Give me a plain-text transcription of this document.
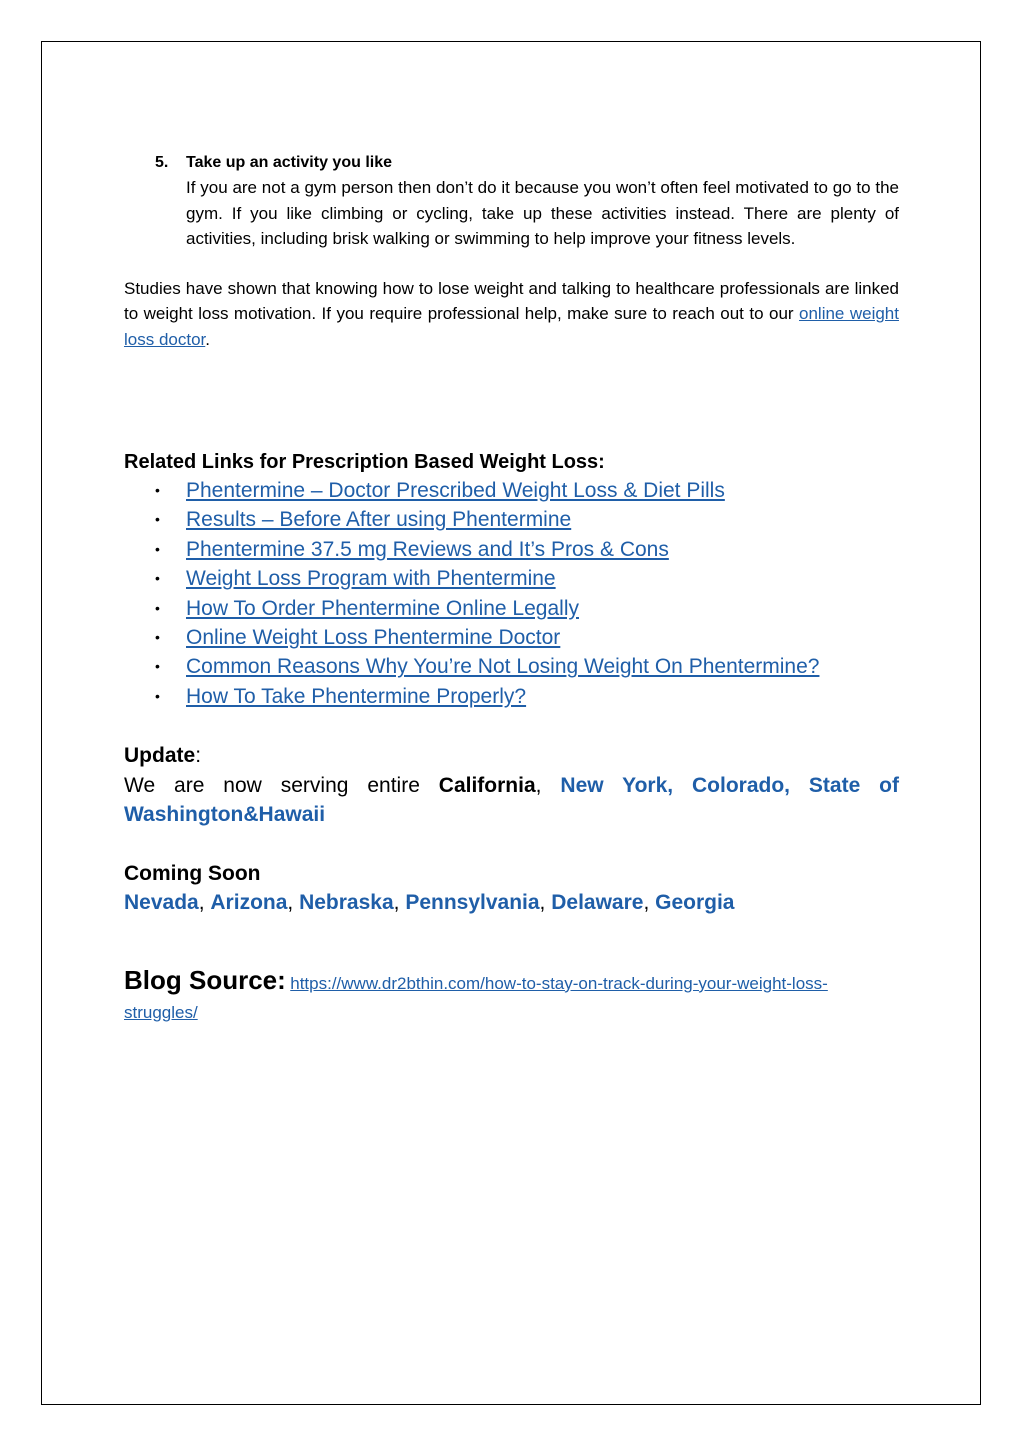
5. Take up an activity you like
If you are not a gym person then don’t do it because you won’t often feel motivated to go to the gym. If you like climbing or cycling, take up these activities instead. There are plenty of activities, including brisk walking or swimming to help improve your fitness levels.
Studies have shown that knowing how to lose weight and talking to healthcare professionals are linked to weight loss motivation. If you require professional help, make sure to reach out to our online weight loss doctor.
Related Links for Prescription Based Weight Loss:
• Phentermine – Doctor Prescribed Weight Loss & Diet Pills
• Results – Before After using Phentermine
• Phentermine 37.5 mg Reviews and It’s Pros & Cons
• Weight Loss Program with Phentermine
• How To Order Phentermine Online Legally
• Online Weight Loss Phentermine Doctor
• Common Reasons Why You’re Not Losing Weight On Phentermine?
• How To Take Phentermine Properly?
Update:
We are now serving entire California, New York, Colorado, State of Washington&Hawaii
Coming Soon
Nevada, Arizona, Nebraska, Pennsylvania, Delaware, Georgia
Blog Source: https://www.dr2bthin.com/how-to-stay-on-track-during-your-weight-loss-struggles/
